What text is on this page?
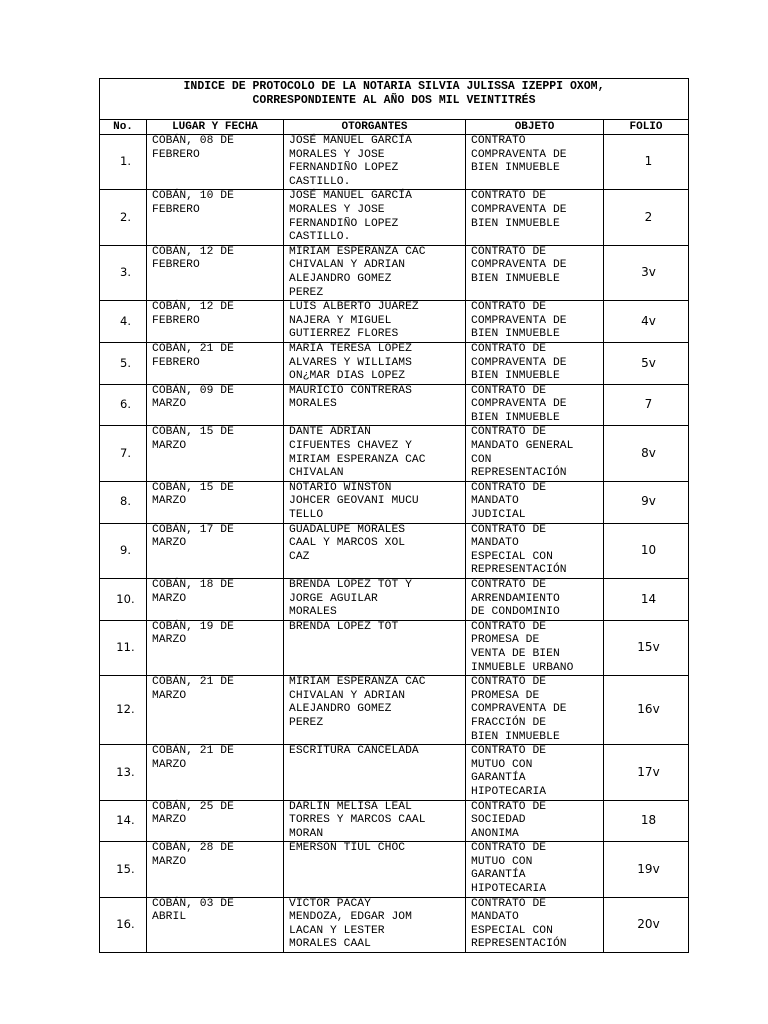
INDICE DE PROTOCOLO DE LA NOTARIA SILVIA JULISSA IZEPPI OXOM,
CORRESPONDIENTE AL AÑO DOS MIL VEINTITRÉS				

No.	LUGAR Y FECHA	OTORGANTES	OBJETO	FOLIO
1.	COBÁN, 08 DE
FEBRERO	JOSÉ MANUEL GARCÍA
MORALES Y JOSE
FERNANDIÑO LOPEZ
CASTILLO.	CONTRATO
COMPRAVENTA DE
BIEN INMUEBLE	1
2.	COBÁN, 10 DE
FEBRERO	JOSÉ MANUEL GARCÍA
MORALES Y JOSE
FERNANDIÑO LOPEZ
CASTILLO.	CONTRATO DE
COMPRAVENTA DE
BIEN INMUEBLE	2
3.	COBÁN, 12 DE
FEBRERO	MIRIAM ESPERANZA CAC
CHIVALAN Y ADRIAN
ALEJANDRO GOMEZ
PEREZ	CONTRATO DE
COMPRAVENTA DE
BIEN INMUEBLE	3v
4.	COBÁN, 12 DE
FEBRERO	LUIS ALBERTO JUAREZ
NAJERA Y MIGUEL
GUTIERREZ FLORES	CONTRATO DE
COMPRAVENTA DE
BIEN INMUEBLE	4v
5.	COBÁN, 21 DE
FEBRERO	MARIA TERESA LOPEZ
ALVARES Y WILLIAMS
ON¿MAR DIAS LOPEZ	CONTRATO DE
COMPRAVENTA DE
BIEN INMUEBLE	5v
6.	COBÁN, 09 DE
MARZO	MAURICIO CONTRERAS
MORALES	CONTRATO DE
COMPRAVENTA DE
BIEN INMUEBLE	7
7.	COBÁN, 15 DE
MARZO	DANTE ADRIAN
CIFUENTES CHAVEZ Y
MIRIAM ESPERANZA CAC
CHIVALAN	CONTRATO DE
MANDATO GENERAL
CON
REPRESENTACIÓN	8v
8.	COBÁN, 15 DE
MARZO	NOTARIO WINSTON
JOHCER GEOVANI MUCU
TELLO	CONTRATO DE
MANDATO
JUDICIAL	9v
9.	COBÁN, 17 DE
MARZO	GUADALUPE MORALES
CAAL Y MARCOS XOL
CAZ	CONTRATO DE
MANDATO
ESPECIAL CON
REPRESENTACIÓN	10
10.	COBÁN, 18 DE
MARZO	BRENDA LOPEZ TOT Y
JORGE AGUILAR
MORALES	CONTRATO DE
ARRENDAMIENTO
DE CONDOMINIO	14
11.	COBÁN, 19 DE
MARZO	BRENDA LOPEZ TOT	CONTRATO DE
PROMESA DE
VENTA DE BIEN
INMUEBLE URBANO	15v
12.	COBÁN, 21 DE
MARZO	MIRIAM ESPERANZA CAC
CHIVALAN Y ADRIAN
ALEJANDRO GOMEZ
PEREZ	CONTRATO DE
PROMESA DE
COMPRAVENTA DE
FRACCIÓN DE
BIEN INMUEBLE	16v
13.	COBÁN, 21 DE
MARZO	ESCRITURA CANCELADA	CONTRATO DE
MUTUO CON
GARANTÍA
HIPOTECARIA	17v
14.	COBÁN, 25 DE
MARZO	DARLIN MELISA LEAL
TORRES Y MARCOS CAAL
MORAN	CONTRATO DE
SOCIEDAD
ANONIMA	18
15.	COBÁN, 28 DE
MARZO	EMERSON TIUL CHOC	CONTRATO DE
MUTUO CON
GARANTÍA
HIPOTECARIA	19v
16.	COBÁN, 03 DE
ABRIL	VICTOR PACAY
MENDOZA, EDGAR JOM
LACAN Y LESTER
MORALES CAAL	CONTRATO DE
MANDATO
ESPECIAL CON
REPRESENTACIÓN	20v
